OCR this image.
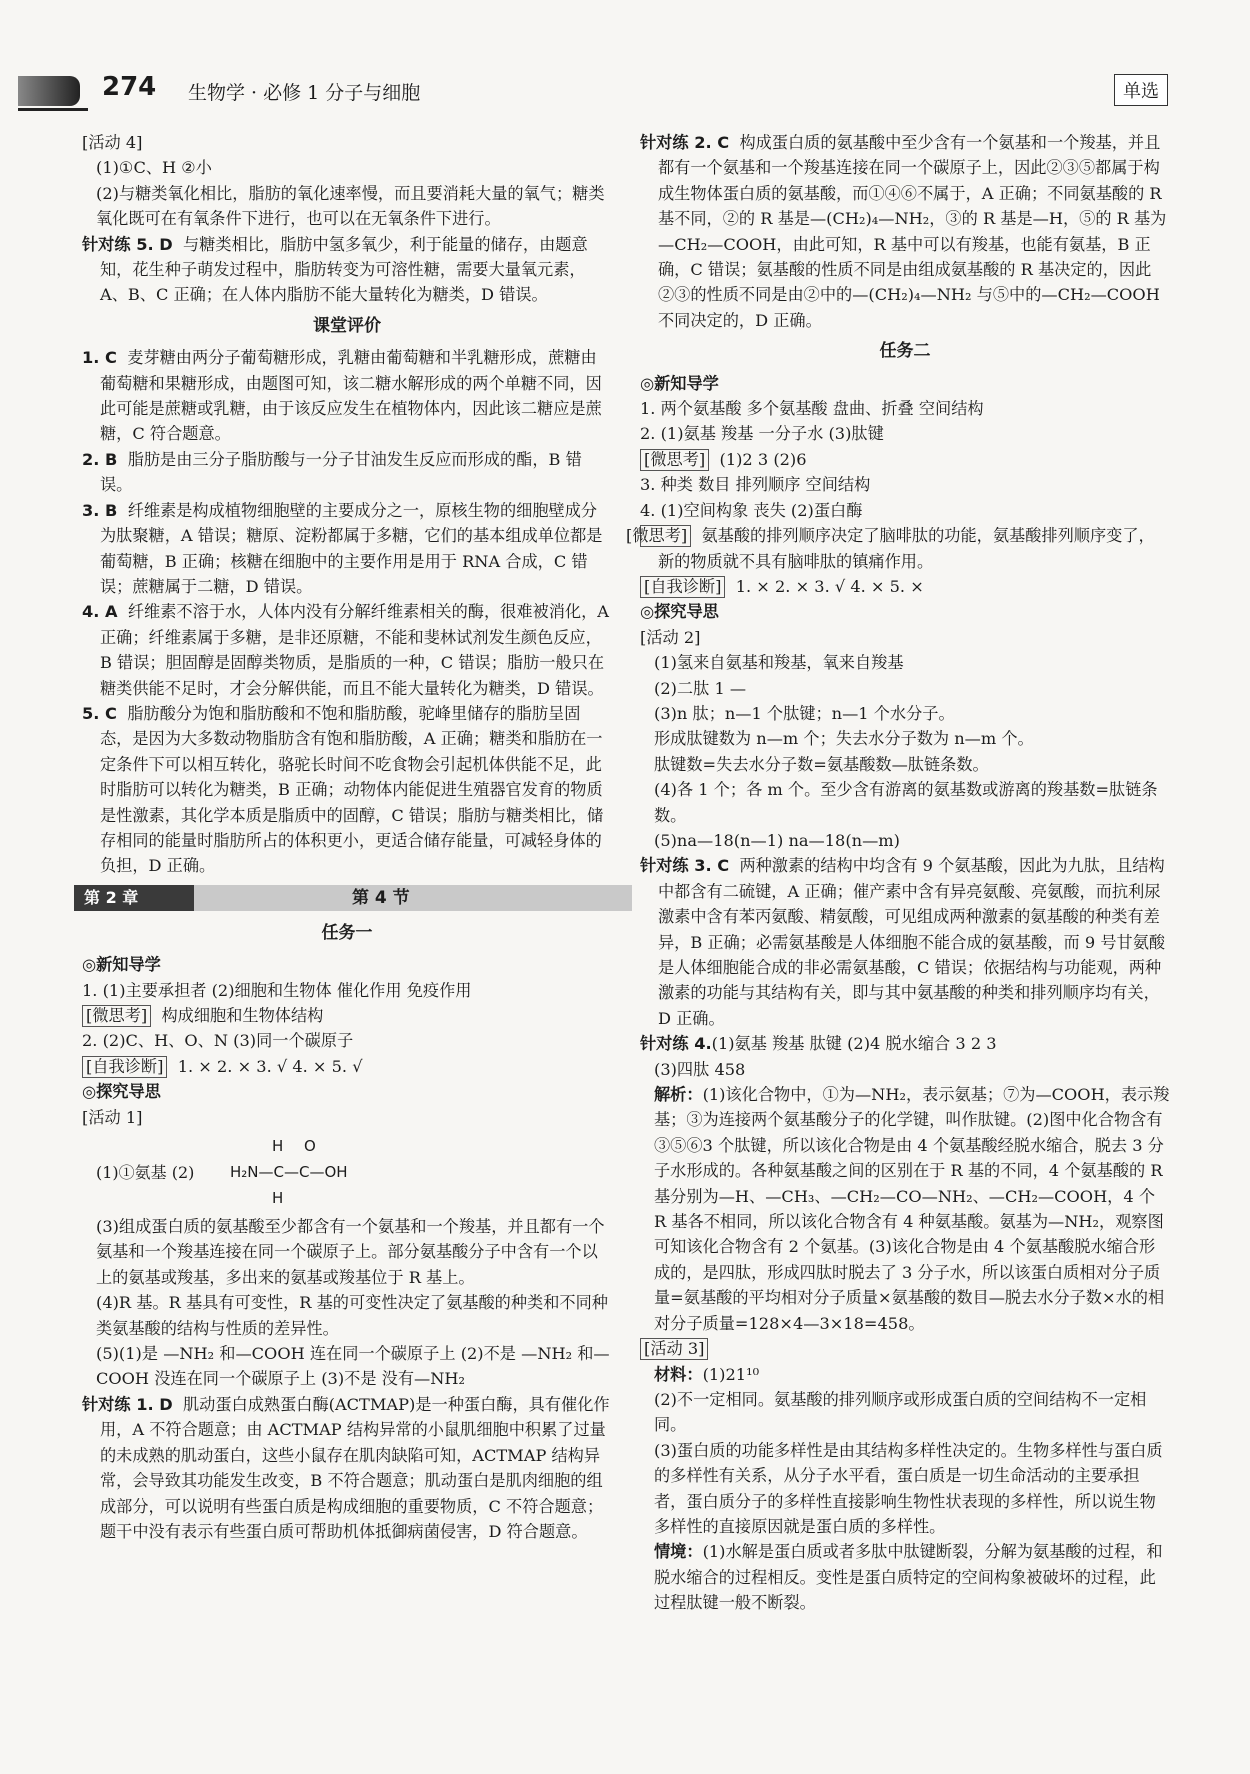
274 生物学 · 必修 1 分子与细胞	单选
[活动 4]
(1)①C、H ②小
(2)与糖类氧化相比，脂肪的氧化速率慢，而且要消耗大量的氧气；糖类氧化既可在有氧条件下进行，也可以在无氧条件下进行。
针对练 5. D 与糖类相比，脂肪中氢多氧少，利于能量的储存，由题意知，花生种子萌发过程中，脂肪转变为可溶性糖，需要大量氧元素，A、B、C 正确；在人体内脂肪不能大量转化为糖类，D 错误。
课堂评价
1. C 麦芽糖由两分子葡萄糖形成，乳糖由葡萄糖和半乳糖形成，蔗糖由葡萄糖和果糖形成，由题图可知，该二糖水解形成的两个单糖不同，因此可能是蔗糖或乳糖，由于该反应发生在植物体内，因此该二糖应是蔗糖，C 符合题意。
2. B 脂肪是由三分子脂肪酸与一分子甘油发生反应而形成的酯，B 错误。
3. B 纤维素是构成植物细胞壁的主要成分之一，原核生物的细胞壁成分为肽聚糖，A 错误；糖原、淀粉都属于多糖，它们的基本组成单位都是葡萄糖，B 正确；核糖在细胞中的主要作用是用于 RNA 合成，C 错误；蔗糖属于二糖，D 错误。
4. A 纤维素不溶于水，人体内没有分解纤维素相关的酶，很难被消化，A 正确；纤维素属于多糖，是非还原糖，不能和斐林试剂发生颜色反应，B 错误；胆固醇是固醇类物质，是脂质的一种，C 错误；脂肪一般只在糖类供能不足时，才会分解供能，而且不能大量转化为糖类，D 错误。
5. C 脂肪酸分为饱和脂肪酸和不饱和脂肪酸，驼峰里储存的脂肪呈固态，是因为大多数动物脂肪含有饱和脂肪酸，A 正确；糖类和脂肪在一定条件下可以相互转化，骆驼长时间不吃食物会引起机体供能不足，此时脂肪可以转化为糖类，B 正确；动物体内能促进生殖器官发育的物质是性激素，其化学本质是脂质中的固醇，C 错误；脂肪与糖类相比，储存相同的能量时脂肪所占的体积更小，更适合储存能量，可减轻身体的负担，D 正确。
第 2 章	第 4 节
任务一
◎新知导学
1. (1)主要承担者 (2)细胞和生物体 催化作用 免疫作用
[微思考] 构成细胞和生物体结构
2. (2)C、H、O、N (3)同一个碳原子
[自我诊断] 1. × 2. × 3. √ 4. × 5. √
◎探究导思
[活动 1]
(1)①氨基 (2)
H O
H₂N—C—C—OH
H
(3)组成蛋白质的氨基酸至少都含有一个氨基和一个羧基，并且都有一个氨基和一个羧基连接在同一个碳原子上。部分氨基酸分子中含有一个以上的氨基或羧基，多出来的氨基或羧基位于 R 基上。
(4)R 基。R 基具有可变性，R 基的可变性决定了氨基酸的种类和不同种类氨基酸的结构与性质的差异性。
(5)(1)是 —NH₂ 和—COOH 连在同一个碳原子上 (2)不是 —NH₂ 和—COOH 没连在同一个碳原子上 (3)不是 没有—NH₂
针对练 1. D 肌动蛋白成熟蛋白酶(ACTMAP)是一种蛋白酶，具有催化作用，A 不符合题意；由 ACTMAP 结构异常的小鼠肌细胞中积累了过量的未成熟的肌动蛋白，这些小鼠存在肌肉缺陷可知，ACTMAP 结构异常，会导致其功能发生改变，B 不符合题意；肌动蛋白是肌肉细胞的组成部分，可以说明有些蛋白质是构成细胞的重要物质，C 不符合题意；题干中没有表示有些蛋白质可帮助机体抵御病菌侵害，D 符合题意。
针对练 2. C 构成蛋白质的氨基酸中至少含有一个氨基和一个羧基，并且都有一个氨基和一个羧基连接在同一个碳原子上，因此②③⑤都属于构成生物体蛋白质的氨基酸，而①④⑥不属于，A 正确；不同氨基酸的 R 基不同，②的 R 基是—(CH₂)₄—NH₂，③的 R 基是—H，⑤的 R 基为—CH₂—COOH，由此可知，R 基中可以有羧基，也能有氨基，B 正确，C 错误；氨基酸的性质不同是由组成氨基酸的 R 基决定的，因此②③的性质不同是由②中的—(CH₂)₄—NH₂ 与⑤中的—CH₂—COOH 不同决定的，D 正确。
任务二
◎新知导学
1. 两个氨基酸 多个氨基酸 盘曲、折叠 空间结构
2. (1)氨基 羧基 一分子水 (3)肽键
[微思考] (1)2 3 (2)6
3. 种类 数目 排列顺序 空间结构
4. (1)空间构象 丧失 (2)蛋白酶
[微思考] 氨基酸的排列顺序决定了脑啡肽的功能，氨基酸排列顺序变了，新的物质就不具有脑啡肽的镇痛作用。
[自我诊断] 1. × 2. × 3. √ 4. × 5. ×
◎探究导思
[活动 2]
(1)氢来自氨基和羧基，氧来自羧基
(2)二肽 1 —
(3)n 肽；n—1 个肽键；n—1 个水分子。
形成肽键数为 n—m 个；失去水分子数为 n—m 个。
肽键数=失去水分子数=氨基酸数—肽链条数。
(4)各 1 个；各 m 个。至少含有游离的氨基数或游离的羧基数=肽链条数。
(5)na—18(n—1) na—18(n—m)
针对练 3. C 两种激素的结构中均含有 9 个氨基酸，因此为九肽，且结构中都含有二硫键，A 正确；催产素中含有异亮氨酸、亮氨酸，而抗利尿激素中含有苯丙氨酸、精氨酸，可见组成两种激素的氨基酸的种类有差异，B 正确；必需氨基酸是人体细胞不能合成的氨基酸，而 9 号甘氨酸是人体细胞能合成的非必需氨基酸，C 错误；依据结构与功能观，两种激素的功能与其结构有关，即与其中氨基酸的种类和排列顺序均有关，D 正确。
针对练 4.(1)氨基 羧基 肽键 (2)4 脱水缩合 3 2 3
(3)四肽 458
解析：(1)该化合物中，①为—NH₂，表示氨基；⑦为—COOH，表示羧基；③为连接两个氨基酸分子的化学键，叫作肽键。(2)图中化合物含有③⑤⑥3 个肽键，所以该化合物是由 4 个氨基酸经脱水缩合，脱去 3 分子水形成的。各种氨基酸之间的区别在于 R 基的不同，4 个氨基酸的 R 基分别为—H、—CH₃、—CH₂—CO—NH₂、—CH₂—COOH，4 个 R 基各不相同，所以该化合物含有 4 种氨基酸。氨基为—NH₂，观察图可知该化合物含有 2 个氨基。(3)该化合物是由 4 个氨基酸脱水缩合形成的，是四肽，形成四肽时脱去了 3 分子水，所以该蛋白质相对分子质量=氨基酸的平均相对分子质量×氨基酸的数目—脱去水分子数×水的相对分子质量=128×4—3×18=458。
[活动 3]
材料：(1)21¹⁰
(2)不一定相同。氨基酸的排列顺序或形成蛋白质的空间结构不一定相同。
(3)蛋白质的功能多样性是由其结构多样性决定的。生物多样性与蛋白质的多样性有关系，从分子水平看，蛋白质是一切生命活动的主要承担者，蛋白质分子的多样性直接影响生物性状表现的多样性，所以说生物多样性的直接原因就是蛋白质的多样性。
情境：(1)水解是蛋白质或者多肽中肽键断裂，分解为氨基酸的过程，和脱水缩合的过程相反。变性是蛋白质特定的空间构象被破坏的过程，此过程肽键一般不断裂。
